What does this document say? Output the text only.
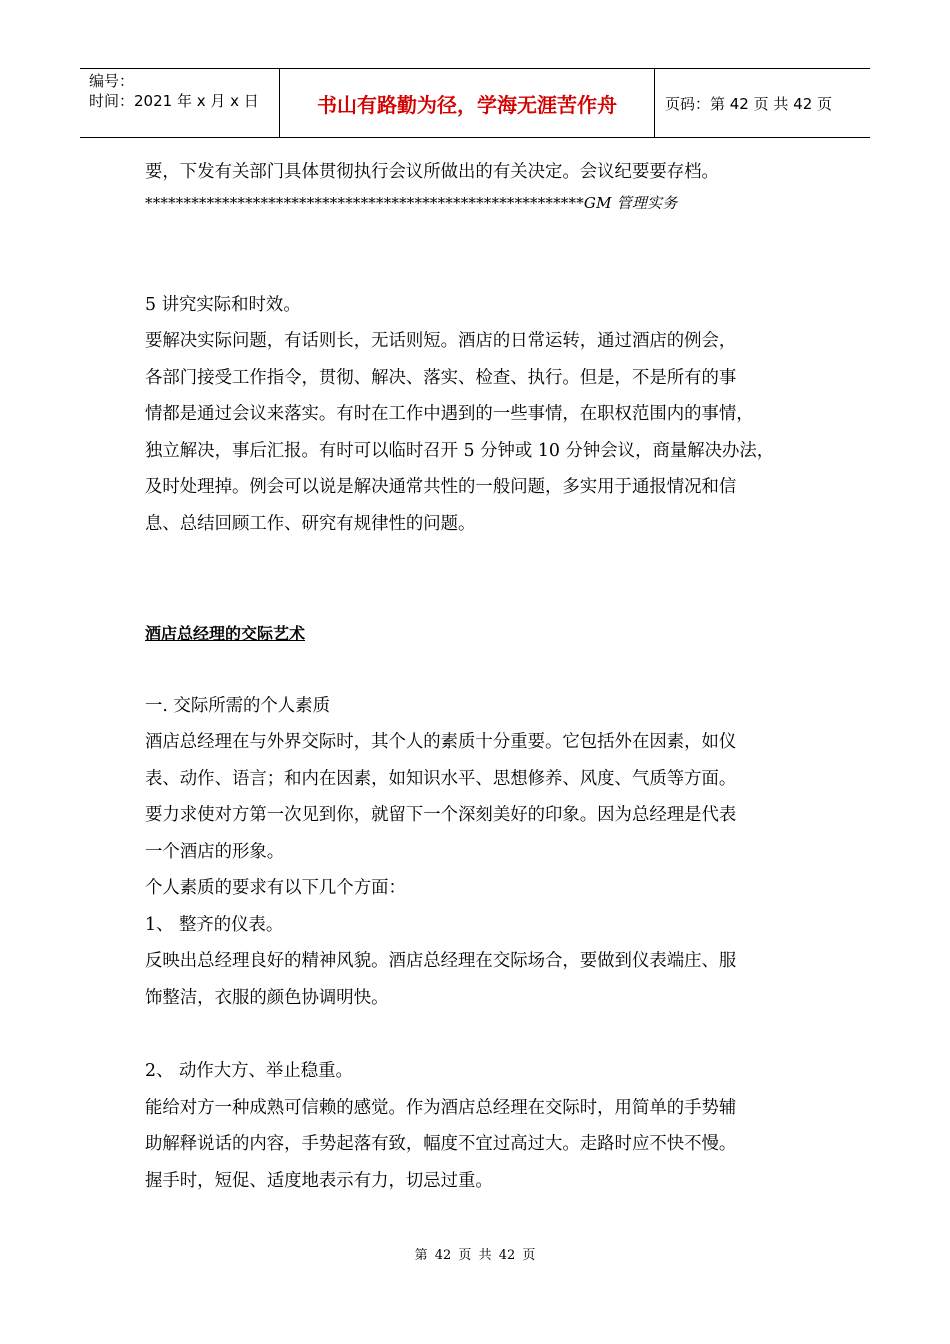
编号：
时间：2021 年 x 月 x 日	书山有路勤为径，学海无涯苦作舟	页码：第 42 页 共 42 页
要，下发有关部门具体贯彻执行会议所做出的有关决定。会议纪要要存档。
*********************************************************GM 管理实务
5 讲究实际和时效。
要解决实际问题，有话则长，无话则短。酒店的日常运转，通过酒店的例会，
各部门接受工作指令，贯彻、解决、落实、检查、执行。但是，不是所有的事
情都是通过会议来落实。有时在工作中遇到的一些事情，在职权范围内的事情，
独立解决，事后汇报。有时可以临时召开 5 分钟或 10 分钟会议，商量解决办法，
及时处理掉。例会可以说是解决通常共性的一般问题，多实用于通报情况和信
息、总结回顾工作、研究有规律性的问题。
酒店总经理的交际艺术
一. 交际所需的个人素质
酒店总经理在与外界交际时，其个人的素质十分重要。它包括外在因素，如仪
表、动作、语言；和内在因素，如知识水平、思想修养、风度、气质等方面。
要力求使对方第一次见到你，就留下一个深刻美好的印象。因为总经理是代表
一个酒店的形象。
个人素质的要求有以下几个方面：
1、 整齐的仪表。
反映出总经理良好的精神风貌。酒店总经理在交际场合，要做到仪表端庄、服
饰整洁，衣服的颜色协调明快。
2、 动作大方、举止稳重。
能给对方一种成熟可信赖的感觉。作为酒店总经理在交际时，用简单的手势辅
助解释说话的内容，手势起落有致，幅度不宜过高过大。走路时应不快不慢。
握手时，短促、适度地表示有力，切忌过重。
第 42 页 共 42 页
